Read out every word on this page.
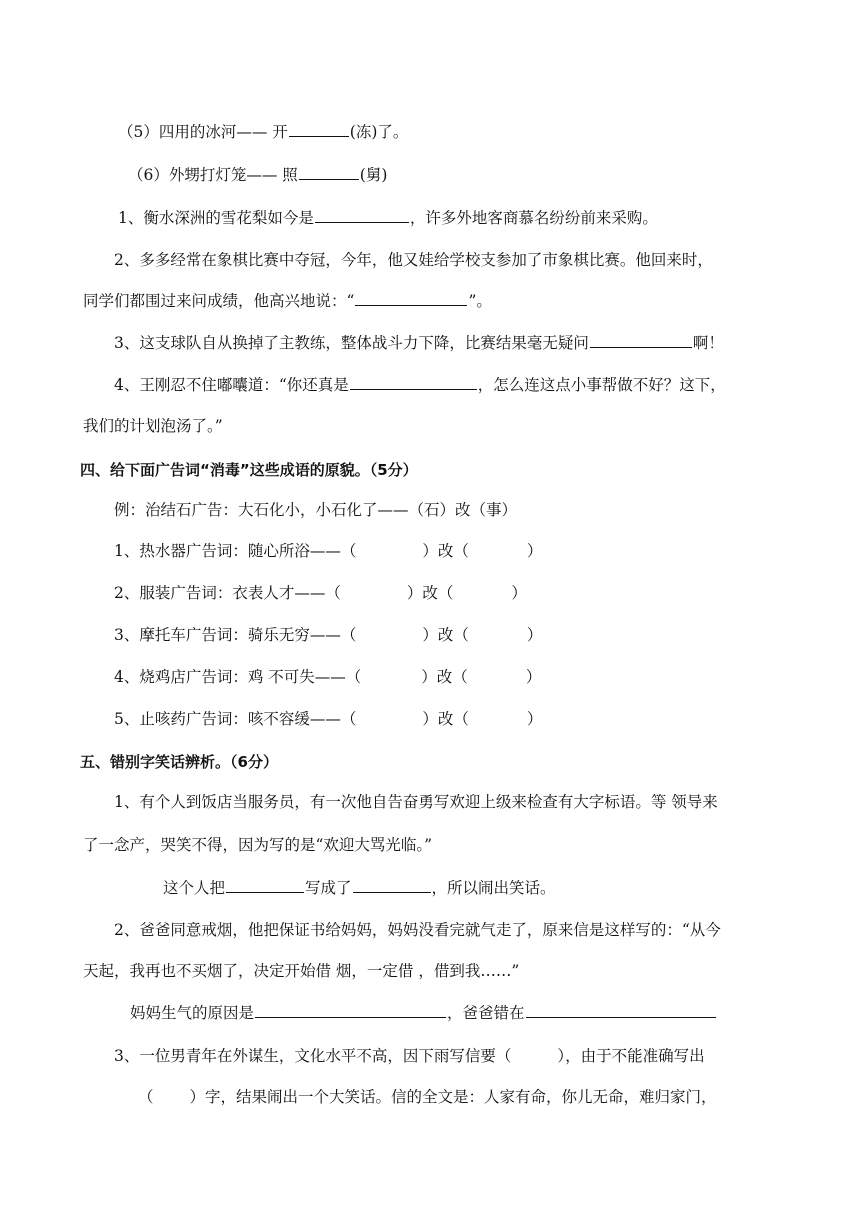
（5）四用的冰河—— 开	(冻)了。
（6）外甥打灯笼—— 照	(舅)
1、衡水深洲的雪花梨如今是	，许多外地客商慕名纷纷前来采购。
2、多多经常在象棋比赛中夺冠，今年，他又娃给学校支参加了市象棋比赛。他回来时，
同学们都围过来问成绩，他高兴地说：“	”。
3、这支球队自从换掉了主教练，整体战斗力下降，比赛结果毫无疑问	啊！
4、王刚忍不住嘟囔道：“你还真是	，怎么连这点小事帮做不好？这下，
我们的计划泡汤了。”
四、给下面广告词“消毒”这些成语的原貌。（5分）
例：治结石广告：大石化小，小石化了——（石）改（事）
1、热水器广告词：随心所浴——（	）改（	）
2、服装广告词：衣表人才——（	）改（	）
3、摩托车广告词：骑乐无穷——（	）改（	）
4、烧鸡店广告词：鸡 不可失——（	）改（	）
5、止咳药广告词：咳不容缓——（	）改（	）
五、错别字笑话辨析。（6分）
1、有个人到饭店当服务员，有一次他自告奋勇写欢迎上级来检查有大字标语。等 领导来
了一念产，哭笑不得，因为写的是“欢迎大骂光临。”
这个人把	写成了	，所以闹出笑话。
2、爸爸同意戒烟，他把保证书给妈妈，妈妈没看完就气走了，原来信是这样写的：“从今
天起，我再也不买烟了，决定开始借 烟，一定借 ，借到我……”
妈妈生气的原因是	，爸爸错在
3、一位男青年在外谋生，文化水平不高，因下雨写信要（	），由于不能准确写出
（ ）字，结果闹出一个大笑话。信的全文是：人家有命，你儿无命，难归家门，
